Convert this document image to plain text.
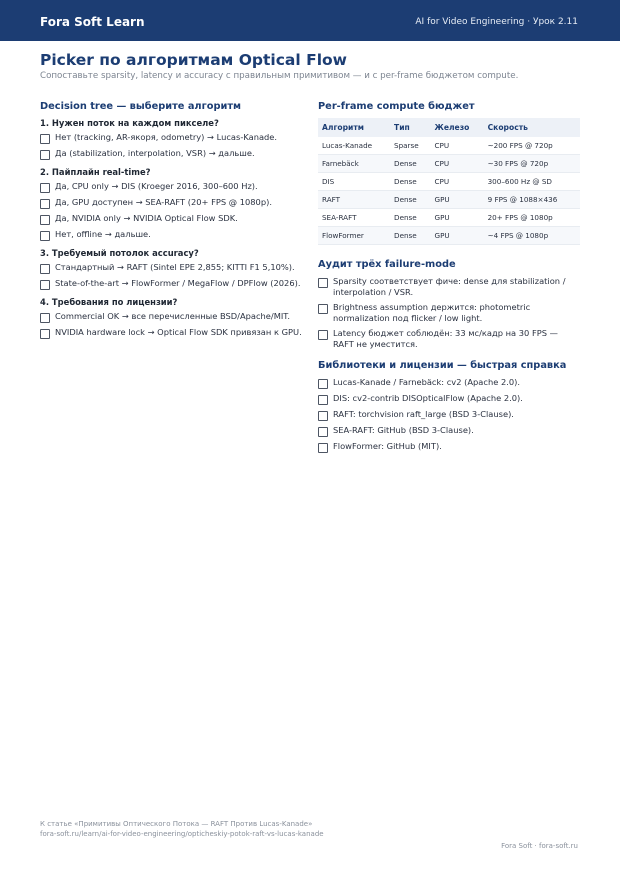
Fora Soft Learn	AI for Video Engineering · Урок 2.11
Picker по алгоритмам Optical Flow
Сопоставьте sparsity, latency и accuracy с правильным примитивом — и с per-frame бюджетом compute.
Decision tree — выберите алгоритм
1. Нужен поток на каждом пикселе?
Нет (tracking, AR-якоря, odometry) → Lucas-Kanade.
Да (stabilization, interpolation, VSR) → дальше.
2. Пайплайн real-time?
Да, CPU only → DIS (Kroeger 2016, 300–600 Hz).
Да, GPU доступен → SEA-RAFT (20+ FPS @ 1080p).
Да, NVIDIA only → NVIDIA Optical Flow SDK.
Нет, offline → дальше.
3. Требуемый потолок accuracy?
Стандартный → RAFT (Sintel EPE 2,855; KITTI F1 5,10%).
State-of-the-art → FlowFormer / MegaFlow / DPFlow (2026).
4. Требования по лицензии?
Commercial OK → все перечисленные BSD/Apache/MIT.
NVIDIA hardware lock → Optical Flow SDK привязан к GPU.
Per-frame compute бюджет
Алгоритм	Тип	Железо	Скорость
Lucas-Kanade	Sparse	CPU	~200 FPS @ 720p
Farnebäck	Dense	CPU	~30 FPS @ 720p
DIS	Dense	CPU	300–600 Hz @ SD
RAFT	Dense	GPU	9 FPS @ 1088×436
SEA-RAFT	Dense	GPU	20+ FPS @ 1080p
FlowFormer	Dense	GPU	~4 FPS @ 1080p
Аудит трёх failure-mode
Sparsity соответствует фиче: dense для stabilization / interpolation / VSR.
Brightness assumption держится: photometric normalization под flicker / low light.
Latency бюджет соблюдён: 33 мс/кадр на 30 FPS — RAFT не уместится.
Библиотеки и лицензии — быстрая справка
Lucas-Kanade / Farnebäck: cv2 (Apache 2.0).
DIS: cv2-contrib DISOpticalFlow (Apache 2.0).
RAFT: torchvision raft_large (BSD 3-Clause).
SEA-RAFT: GitHub (BSD 3-Clause).
FlowFormer: GitHub (MIT).
К статье «Примитивы Оптического Потока — RAFT Против Lucas-Kanade»
fora-soft.ru/learn/ai-for-video-engineering/opticheskiy-potok-raft-vs-lucas-kanade
Fora Soft · fora-soft.ru
